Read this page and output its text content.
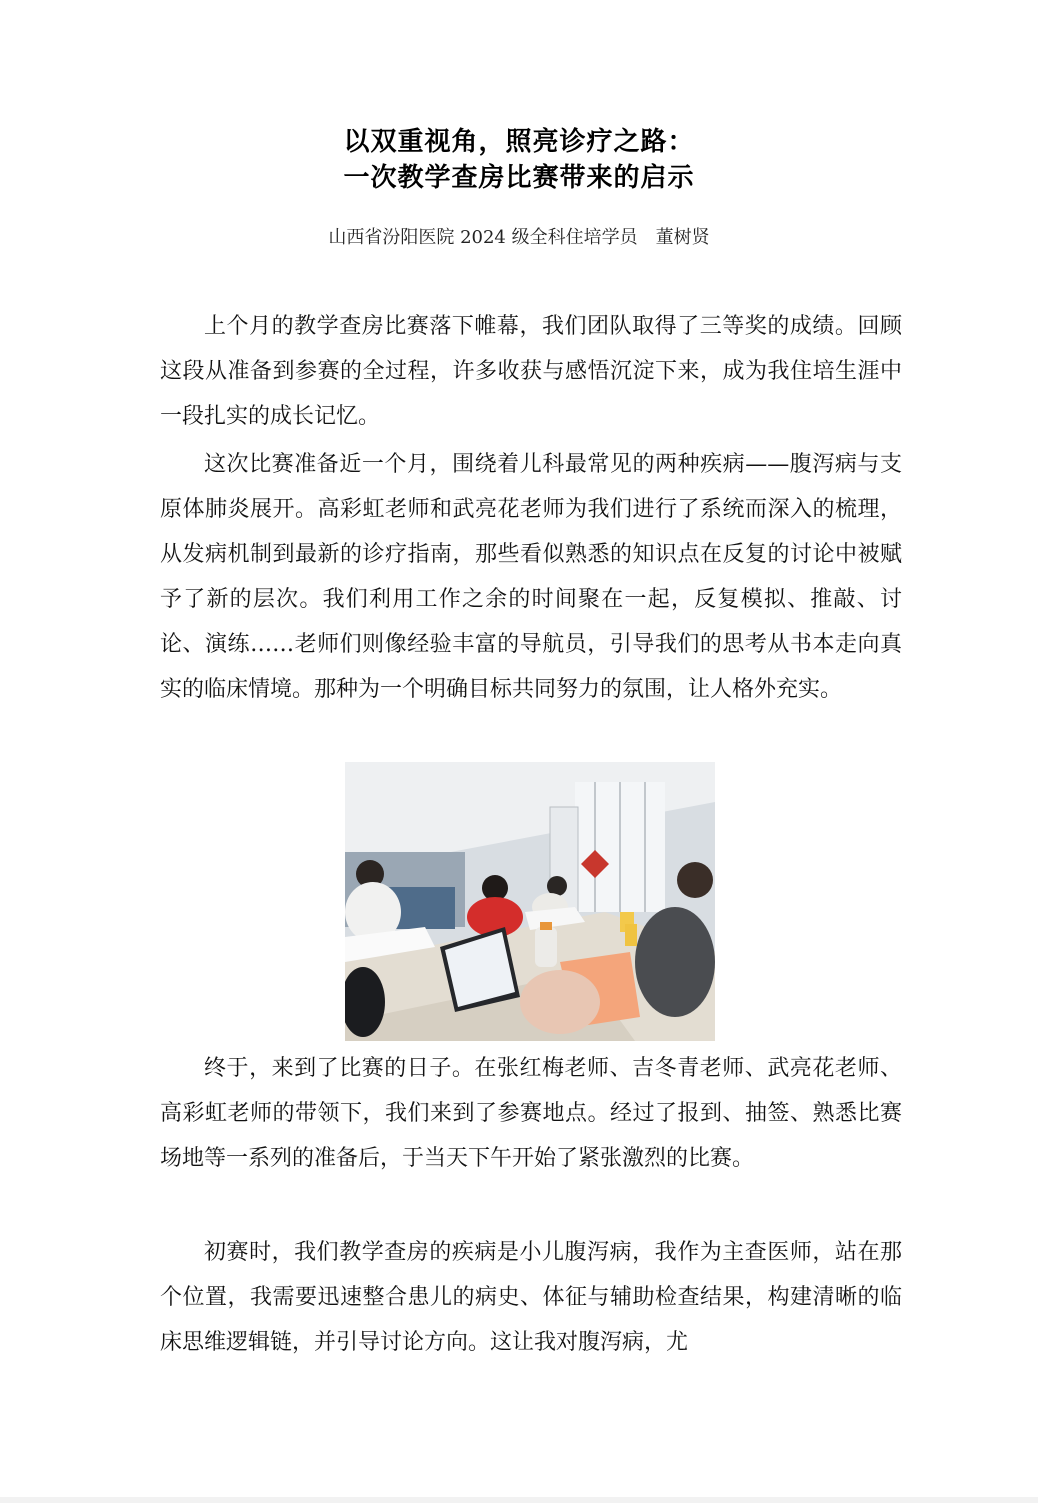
以双重视角，照亮诊疗之路：
一次教学查房比赛带来的启示
山西省汾阳医院 2024 级全科住培学员　董树贤

上个月的教学查房比赛落下帷幕，我们团队取得了三等奖的成绩。回顾这段从准备到参赛的全过程，许多收获与感悟沉淀下来，成为我住培生涯中一段扎实的成长记忆。

这次比赛准备近一个月，围绕着儿科最常见的两种疾病——腹泻病与支原体肺炎展开。高彩虹老师和武亮花老师为我们进行了系统而深入的梳理，从发病机制到最新的诊疗指南，那些看似熟悉的知识点在反复的讨论中被赋予了新的层次。我们利用工作之余的时间聚在一起，反复模拟、推敲、讨论、演练……老师们则像经验丰富的导航员，引导我们的思考从书本走向真实的临床情境。那种为一个明确目标共同努力的氛围，让人格外充实。

终于，来到了比赛的日子。在张红梅老师、吉冬青老师、武亮花老师、高彩虹老师的带领下，我们来到了参赛地点。经过了报到、抽签、熟悉比赛场地等一系列的准备后，于当天下午开始了紧张激烈的比赛。

初赛时，我们教学查房的疾病是小儿腹泻病，我作为主查医师，站在那个位置，我需要迅速整合患儿的病史、体征与辅助检查结果，构建清晰的临床思维逻辑链，并引导讨论方向。这让我对腹泻病，尤
